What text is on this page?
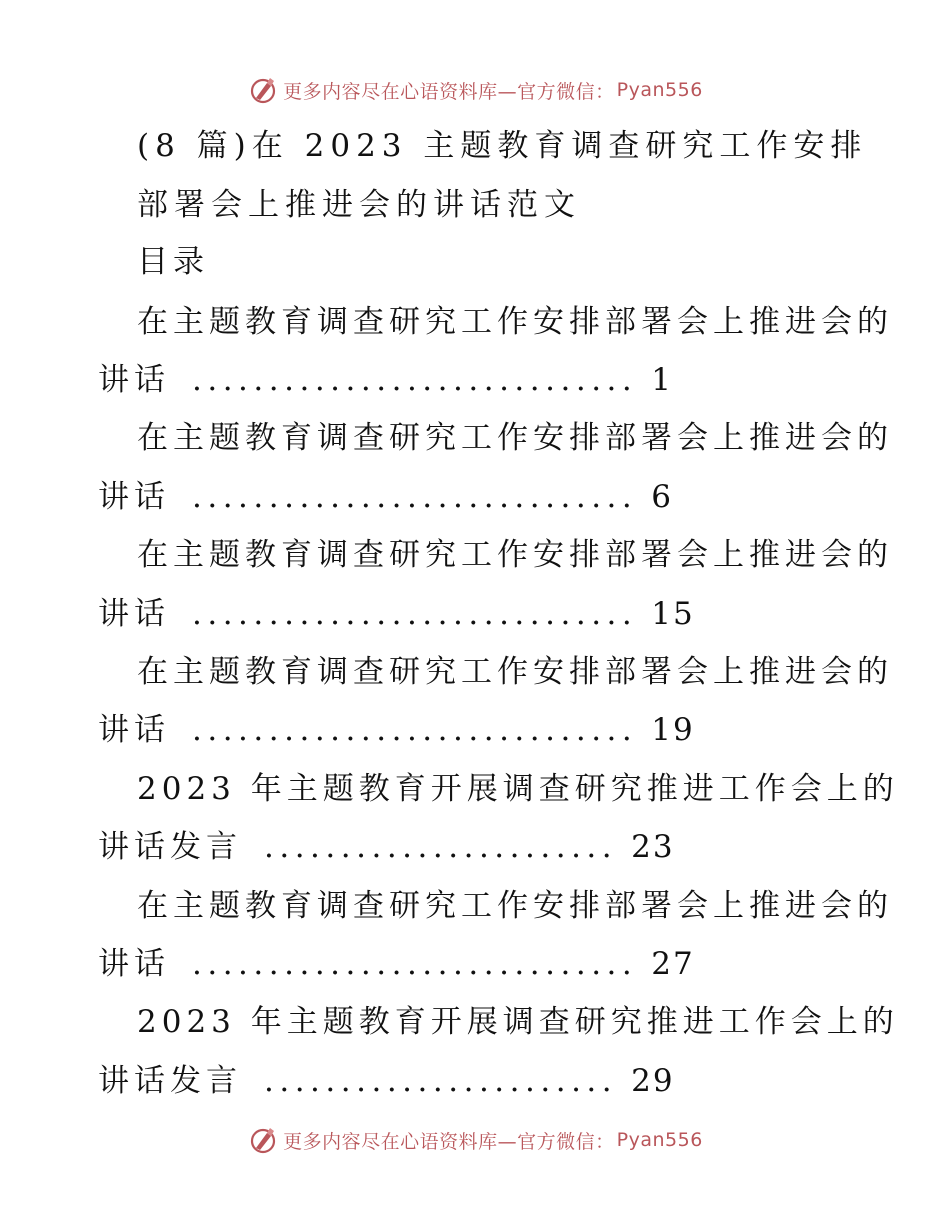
更多内容尽在心语资料库—官方微信： Pyan556
(8 篇)在 2023 主题教育调查研究工作安排
部署会上推进会的讲话范文
目录
在主题教育调查研究工作安排部署会上推进会的
讲话 ............................. 1
在主题教育调查研究工作安排部署会上推进会的
讲话 ............................. 6
在主题教育调查研究工作安排部署会上推进会的
讲话 ............................. 15
在主题教育调查研究工作安排部署会上推进会的
讲话 ............................. 19
2023 年主题教育开展调查研究推进工作会上的
讲话发言 ....................... 23
在主题教育调查研究工作安排部署会上推进会的
讲话 ............................. 27
2023 年主题教育开展调查研究推进工作会上的
讲话发言 ....................... 29
更多内容尽在心语资料库—官方微信： Pyan556
